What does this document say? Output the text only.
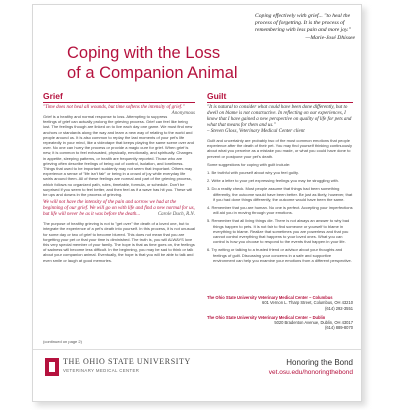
Coping effectively with grief... "to heal the process of forgetting. It is the process of remembering with less pain and more joy."
—Marie-José Dhissee
Coping with the Loss
of a Companion Animal
Grief
"Time does not heal all wounds, but time softens the intensity of grief."
Anonymous

Grief is a healthy and normal response to loss. Attempting to suppress feelings of grief can actually prolong the grieving process. Grief can feel like being lost. The feelings though are linked on to live each day one game. We must find new anchors or standards along the way and learn a new way of relating to the world and people around us. It is also common to replay the last moments of your pet's life repeatedly in your mind, like a videotape that keeps playing the same scene over and over. No one can hurry the process or provide a magic cure for grief. When grief is new, it is common to feel exhausted, physically, emotionally, and spiritually. Changes in appetite, sleeping patterns, or health are frequently reported. Those who are grieving often describe feelings of being out of control, isolation, and loneliness. Things that used to be important suddenly may not seem that important. Others may experience a sense of "life isn't fair" or being in a crowd of joy while everyday life swirls around them. All of these feelings are normal and part of the grieving process, which follows no organized path, rules, timetable, formula, or schedule. Don't be surprised if you seem to feel better, and then feel as if a wave has hit you. These will be ups and downs in the process of grieving.

We will not have the intensity of the pain and sorrow we had at the beginning of our grief. We will go on with life and find a new normal for us, but life will never be as it was before the death...	Carole Duch, R.N.

The purpose of healthy grieving is not to "get over" the death of a loved one, but to integrate the experience of a pet's death into yourself. In this process, it is not unusual for some day or two of grief to become blurred. This does not mean that you are forgetting your pet or that your time is diminished. The truth is, you will ALWAYS love this very special member of your family. The hope is that as time goes on, the feelings of sadness will become less difficult. In the beginning, you may be sad to think or talk about your companion animal. Eventually, the hope is that you will be able to talk and even smile or laugh at good memories.

(continued on page 2)
Guilt
"It is natural to consider what could have been done differently, but to dwell on blame is not constructive. In reflecting on our experiences, I know that I have gained a new perspective on quality of life for pets and what that means for them and us."
– Steven Gloss, Veterinary Medical Center client

Guilt and uncertainty are probably two of the most common emotions that people experience after the death of their pet. You may find yourself thinking continuously about what you perceive as a mistake you made, or what you could have done to prevent or postpone your pet's death.

Some suggestions for coping with guilt include:

1. Be truthful with yourself about why you feel guilty.
2. Write a letter to your pet expressing feelings you may be struggling with.
3. Do a reality check. Most people assume that things had been something differently, the outcome would have been better. Be just as likely, however, that if you had done things differently, the outcome would have been the same.
4. Remember that you are human. No one is perfect. Accepting your imperfections will aid you in moving through your emotions.
5. Remember that all living things die. There is not always an answer to why bad things happen to pets. It is not fair to find someone or yourself to blame in everything to blame. Realize that sometimes you are powerless and that you cannot control everything that happens to your loved ones. What you can control is how you choose to respond to the events that happen in your life.
6. Try writing or talking to a trusted friend or advisor about your thoughts and feelings of guilt. Discussing your concerns in a safe and supportive environment can help you examine your emotions from a different perspective.
The Ohio State University Veterinary Medical Center – Columbus
601 Vernon L. Tharp Street, Columbus, OH 43210
(614) 292-3551
The Ohio State University Veterinary Medical Center – Dublin
5020 Bradenton Avenue, Dublin, OH 43017
(614) 889-8070
THE OHIO STATE UNIVERSITY
VETERINARY MEDICAL CENTER
Honoring the Bond
vet.osu.edu/honoringthebond
